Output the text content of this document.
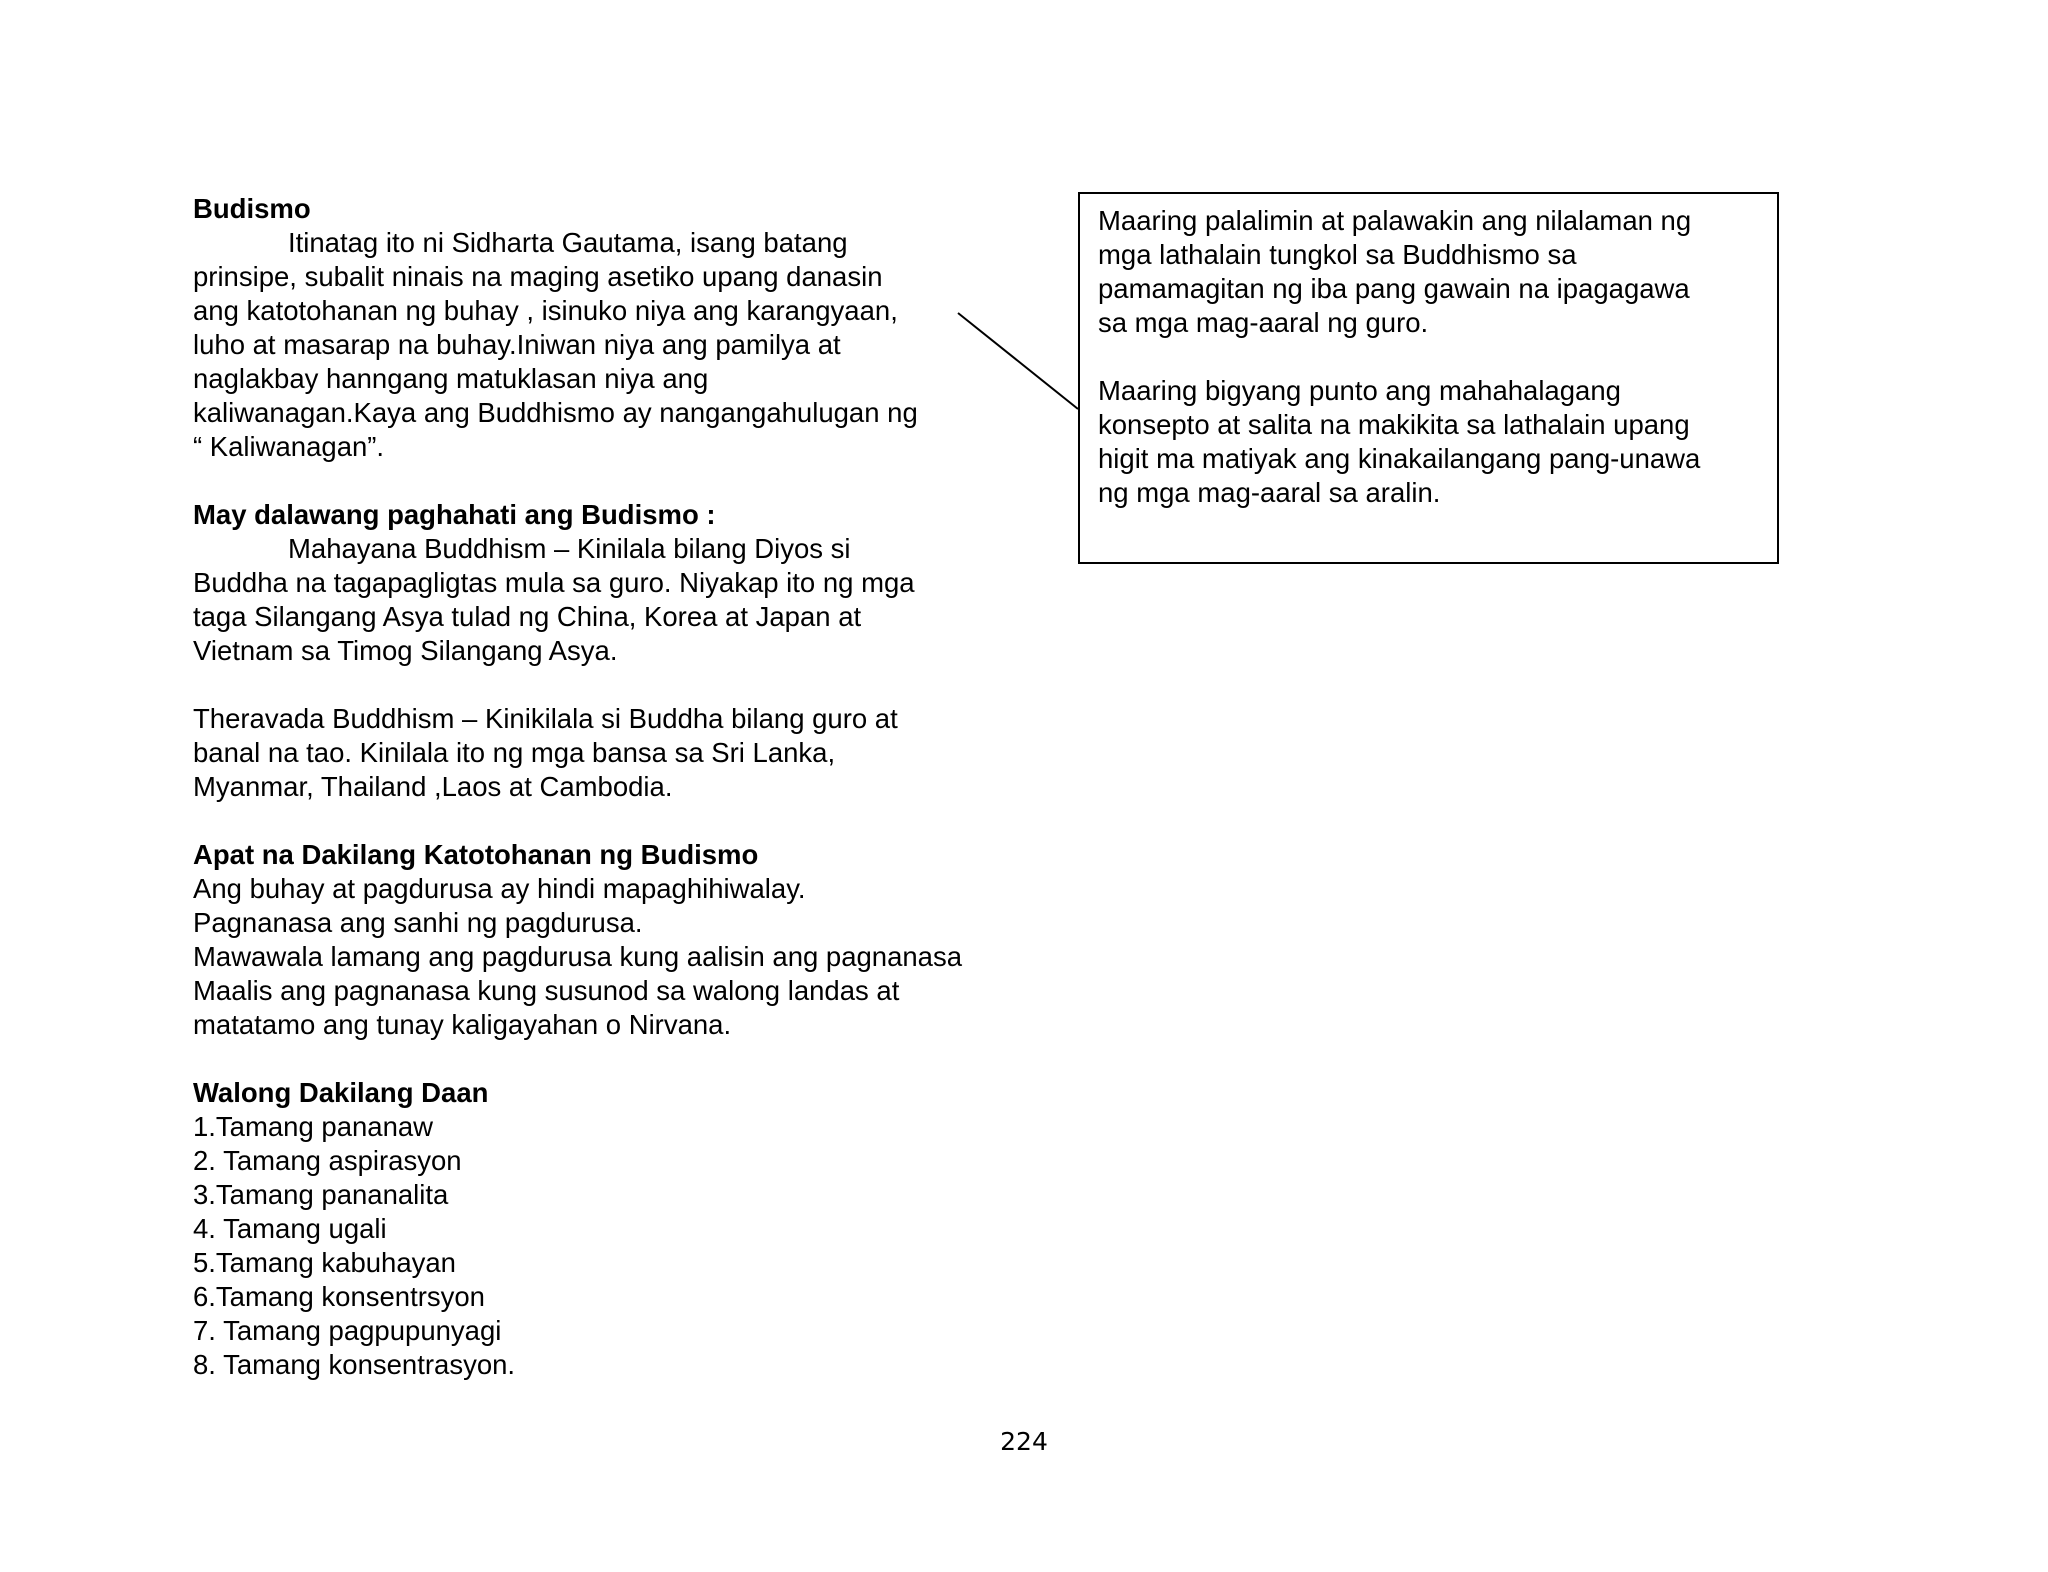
Budismo
Itinatag ito ni Sidharta Gautama, isang batang
prinsipe, subalit ninais na maging asetiko upang danasin
ang katotohanan ng buhay , isinuko niya ang karangyaan,
luho at masarap na buhay.Iniwan niya ang pamilya at
naglakbay hanngang matuklasan niya ang
kaliwanagan.Kaya ang Buddhismo ay nangangahulugan ng
“ Kaliwanagan”.
May dalawang paghahati ang Budismo :
Mahayana Buddhism – Kinilala bilang Diyos si
Buddha na tagapagligtas mula sa guro. Niyakap ito ng mga
taga Silangang Asya tulad ng China, Korea at Japan at
Vietnam sa Timog Silangang Asya.
Theravada Buddhism – Kinikilala si Buddha bilang guro at
banal na tao. Kinilala ito ng mga bansa sa Sri Lanka,
Myanmar, Thailand ,Laos at Cambodia.
Apat na Dakilang Katotohanan ng Budismo
Ang buhay at pagdurusa ay hindi mapaghihiwalay.
Pagnanasa ang sanhi ng pagdurusa.
Mawawala lamang ang pagdurusa kung aalisin ang pagnanasa
Maalis ang pagnanasa kung susunod sa walong landas at
matatamo ang tunay kaligayahan o Nirvana.
Walong Dakilang Daan
1.Tamang pananaw
2. Tamang aspirasyon
3.Tamang pananalita
4. Tamang ugali
5.Tamang kabuhayan
6.Tamang konsentrsyon
7. Tamang pagpupunyagi
8. Tamang konsentrasyon.
Maaring palalimin at palawakin ang nilalaman ng
mga lathalain tungkol sa Buddhismo sa
pamamagitan ng iba pang gawain na ipagagawa
sa mga mag-aaral ng guro.
Maaring bigyang punto ang mahahalagang
konsepto at salita na makikita sa lathalain upang
higit ma matiyak ang kinakailangang pang-unawa
ng mga mag-aaral sa aralin.
224
